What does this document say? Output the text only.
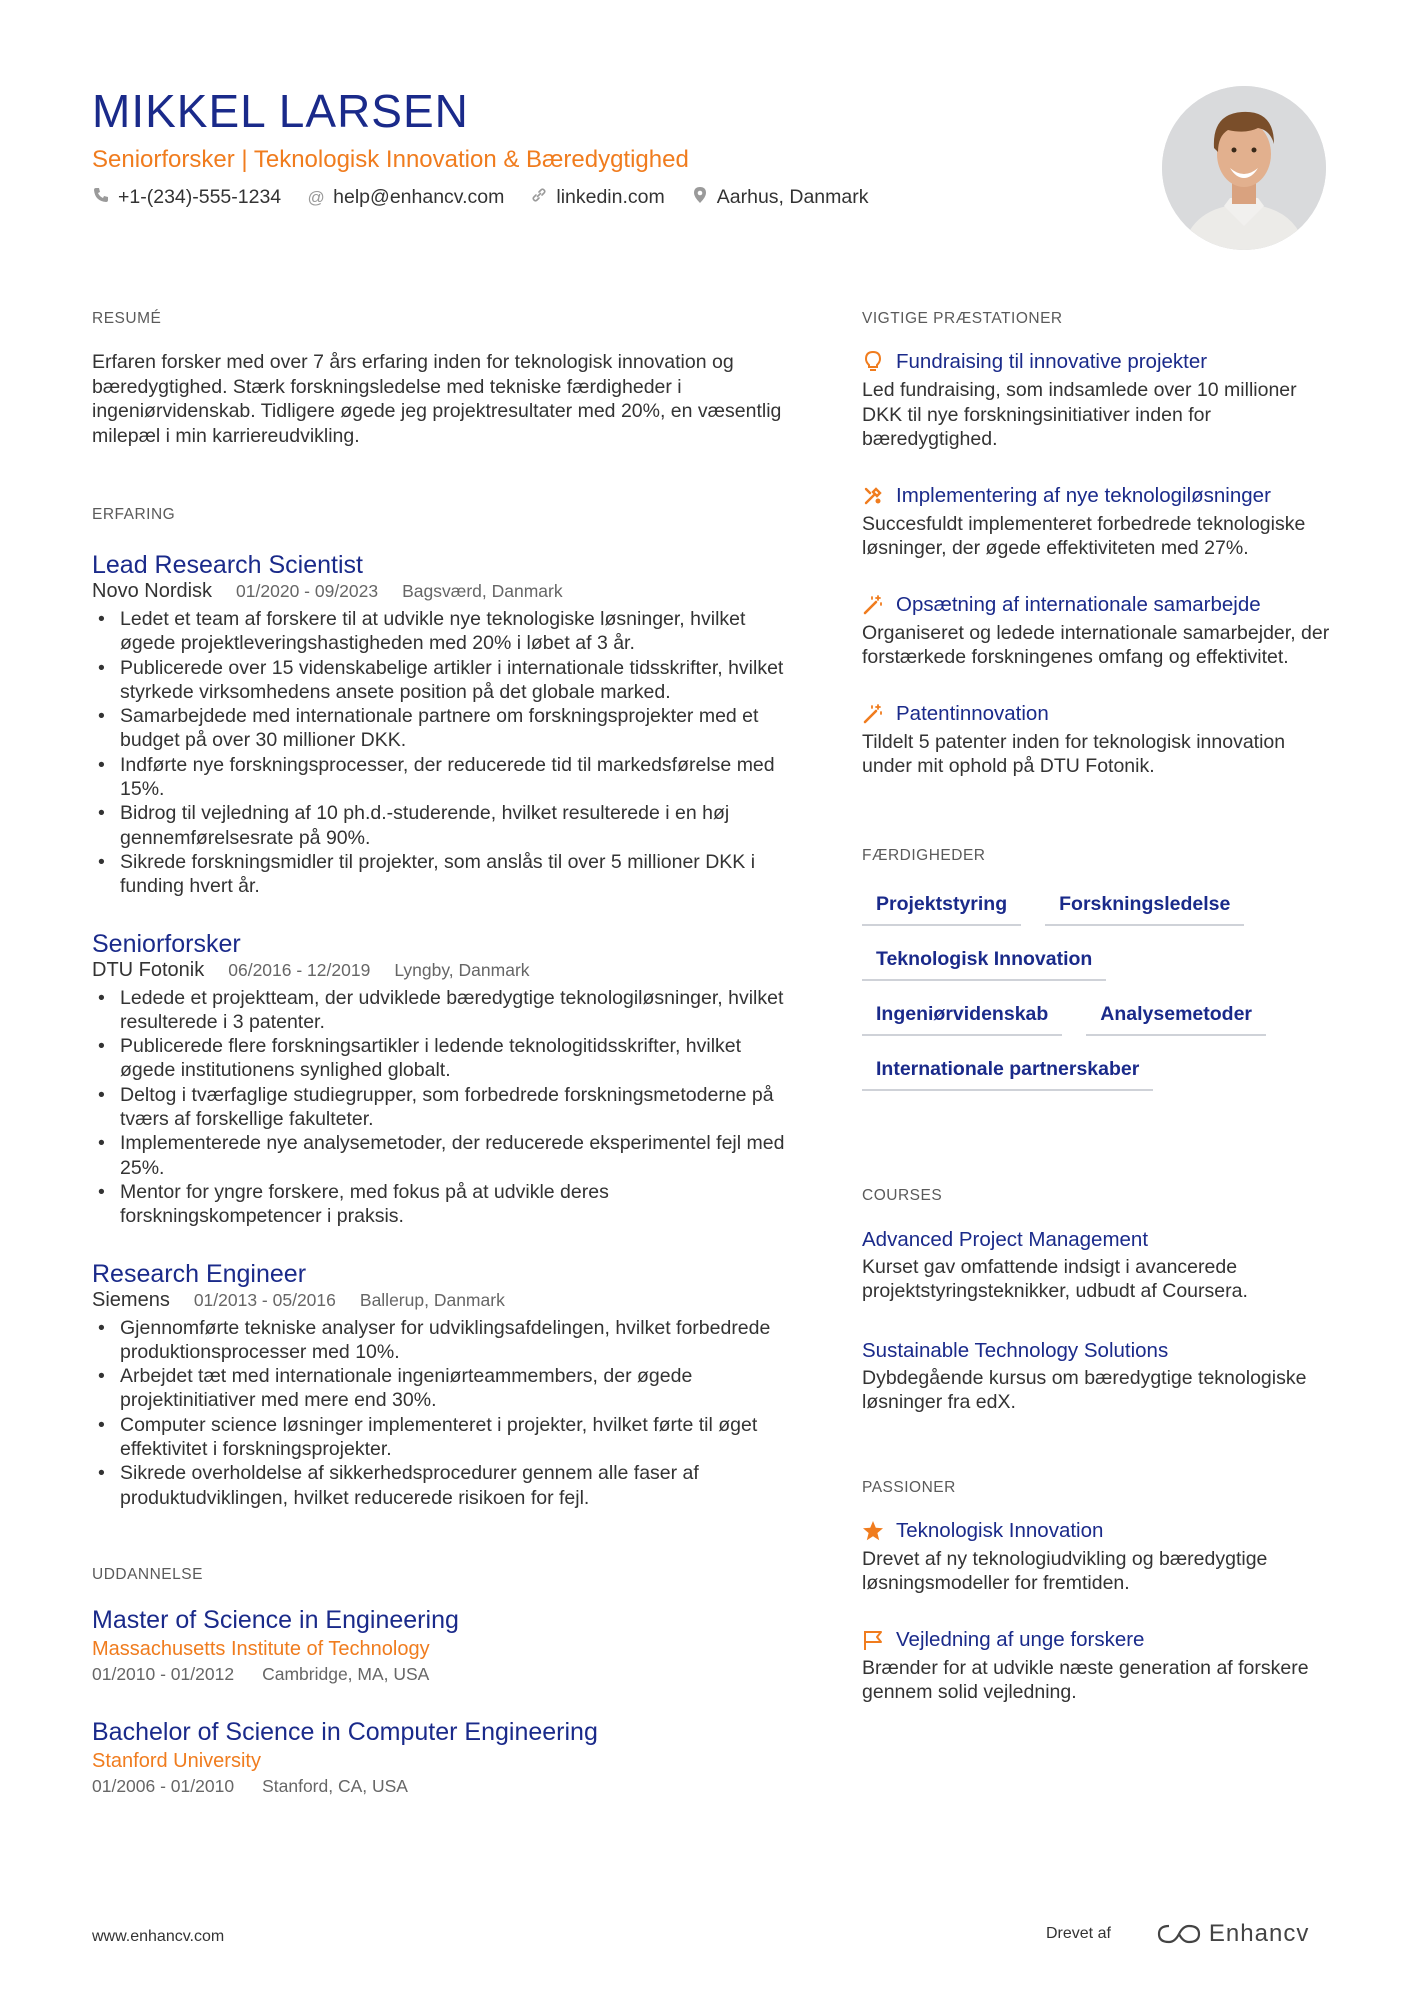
MIKKEL LARSEN
Seniorforsker | Teknologisk Innovation & Bæredygtighed
+1-(234)-555-1234 @ help@enhancv.com	linkedin.com	Aarhus, Danmark
RESUMÉ

Erfaren forsker med over 7 års erfaring inden for teknologisk innovation og bæredygtighed. Stærk forskningsledelse med tekniske færdigheder i ingeniørvidenskab. Tidligere øgede jeg projektresultater med 20%, en væsentlig milepæl i min karriereudvikling.

ERFARING
Lead Research Scientist
Novo Nordisk 01/2020 - 09/2023 Bagsværd, Danmark
• Ledet et team af forskere til at udvikle nye teknologiske løsninger, hvilket øgede projektleveringshastigheden med 20% i løbet af 3 år.
• Publicerede over 15 videnskabelige artikler i internationale tidsskrifter, hvilket styrkede virksomhedens ansete position på det globale marked.
• Samarbejdede med internationale partnere om forskningsprojekter med et budget på over 30 millioner DKK.
• Indførte nye forskningsprocesser, der reducerede tid til markedsførelse med 15%.
• Bidrog til vejledning af 10 ph.d.-studerende, hvilket resulterede i en høj gennemførelsesrate på 90%.
• Sikrede forskningsmidler til projekter, som anslås til over 5 millioner DKK i funding hvert år.
Seniorforsker
DTU Fotonik 06/2016 - 12/2019 Lyngby, Danmark
• Ledede et projektteam, der udviklede bæredygtige teknologiløsninger, hvilket resulterede i 3 patenter.
• Publicerede flere forskningsartikler i ledende teknologitidsskrifter, hvilket øgede institutionens synlighed globalt.
• Deltog i tværfaglige studiegrupper, som forbedrede forskningsmetoderne på tværs af forskellige fakulteter.
• Implementerede nye analysemetoder, der reducerede eksperimentel fejl med 25%.
• Mentor for yngre forskere, med fokus på at udvikle deres forskningskompetencer i praksis.
Research Engineer
Siemens 01/2013 - 05/2016 Ballerup, Danmark
• Gjennomførte tekniske analyser for udviklingsafdelingen, hvilket forbedrede produktionsprocesser med 10%.
• Arbejdet tæt med internationale ingeniørteammembers, der øgede projektinitiativer med mere end 30%.
• Computer science løsninger implementeret i projekter, hvilket førte til øget effektivitet i forskningsprojekter.
• Sikrede overholdelse af sikkerhedsprocedurer gennem alle faser af produktudviklingen, hvilket reducerede risikoen for fejl.
UDDANNELSE
Master of Science in Engineering
Massachusetts Institute of Technology
01/2010 - 01/2012 Cambridge, MA, USA
Bachelor of Science in Computer Engineering
Stanford University
01/2006 - 01/2010 Stanford, CA, USA
VIGTIGE PRÆSTATIONER
Fundraising til innovative projekter
Led fundraising, som indsamlede over 10 millioner DKK til nye forskningsinitiativer inden for bæredygtighed.
Implementering af nye teknologiløsninger
Succesfuldt implementeret forbedrede teknologiske løsninger, der øgede effektiviteten med 27%.
Opsætning af internationale samarbejde
Organiseret og ledede internationale samarbejder, der forstærkede forskningenes omfang og effektivitet.
Patentinnovation
Tildelt 5 patenter inden for teknologisk innovation under mit ophold på DTU Fotonik.
FÆRDIGHEDER
Projektstyring	Forskningsledelse
Teknologisk Innovation
Ingeniørvidenskab	Analysemetoder
Internationale partnerskaber
COURSES
Advanced Project Management
Kurset gav omfattende indsigt i avancerede projektstyringsteknikker, udbudt af Coursera.
Sustainable Technology Solutions
Dybdegående kursus om bæredygtige teknologiske løsninger fra edX.
PASSIONER
Teknologisk Innovation
Drevet af ny teknologiudvikling og bæredygtige løsningsmodeller for fremtiden.
Vejledning af unge forskere
Brænder for at udvikle næste generation af forskere gennem solid vejledning.
www.enhancv.com	Drevet af	Enhancv
